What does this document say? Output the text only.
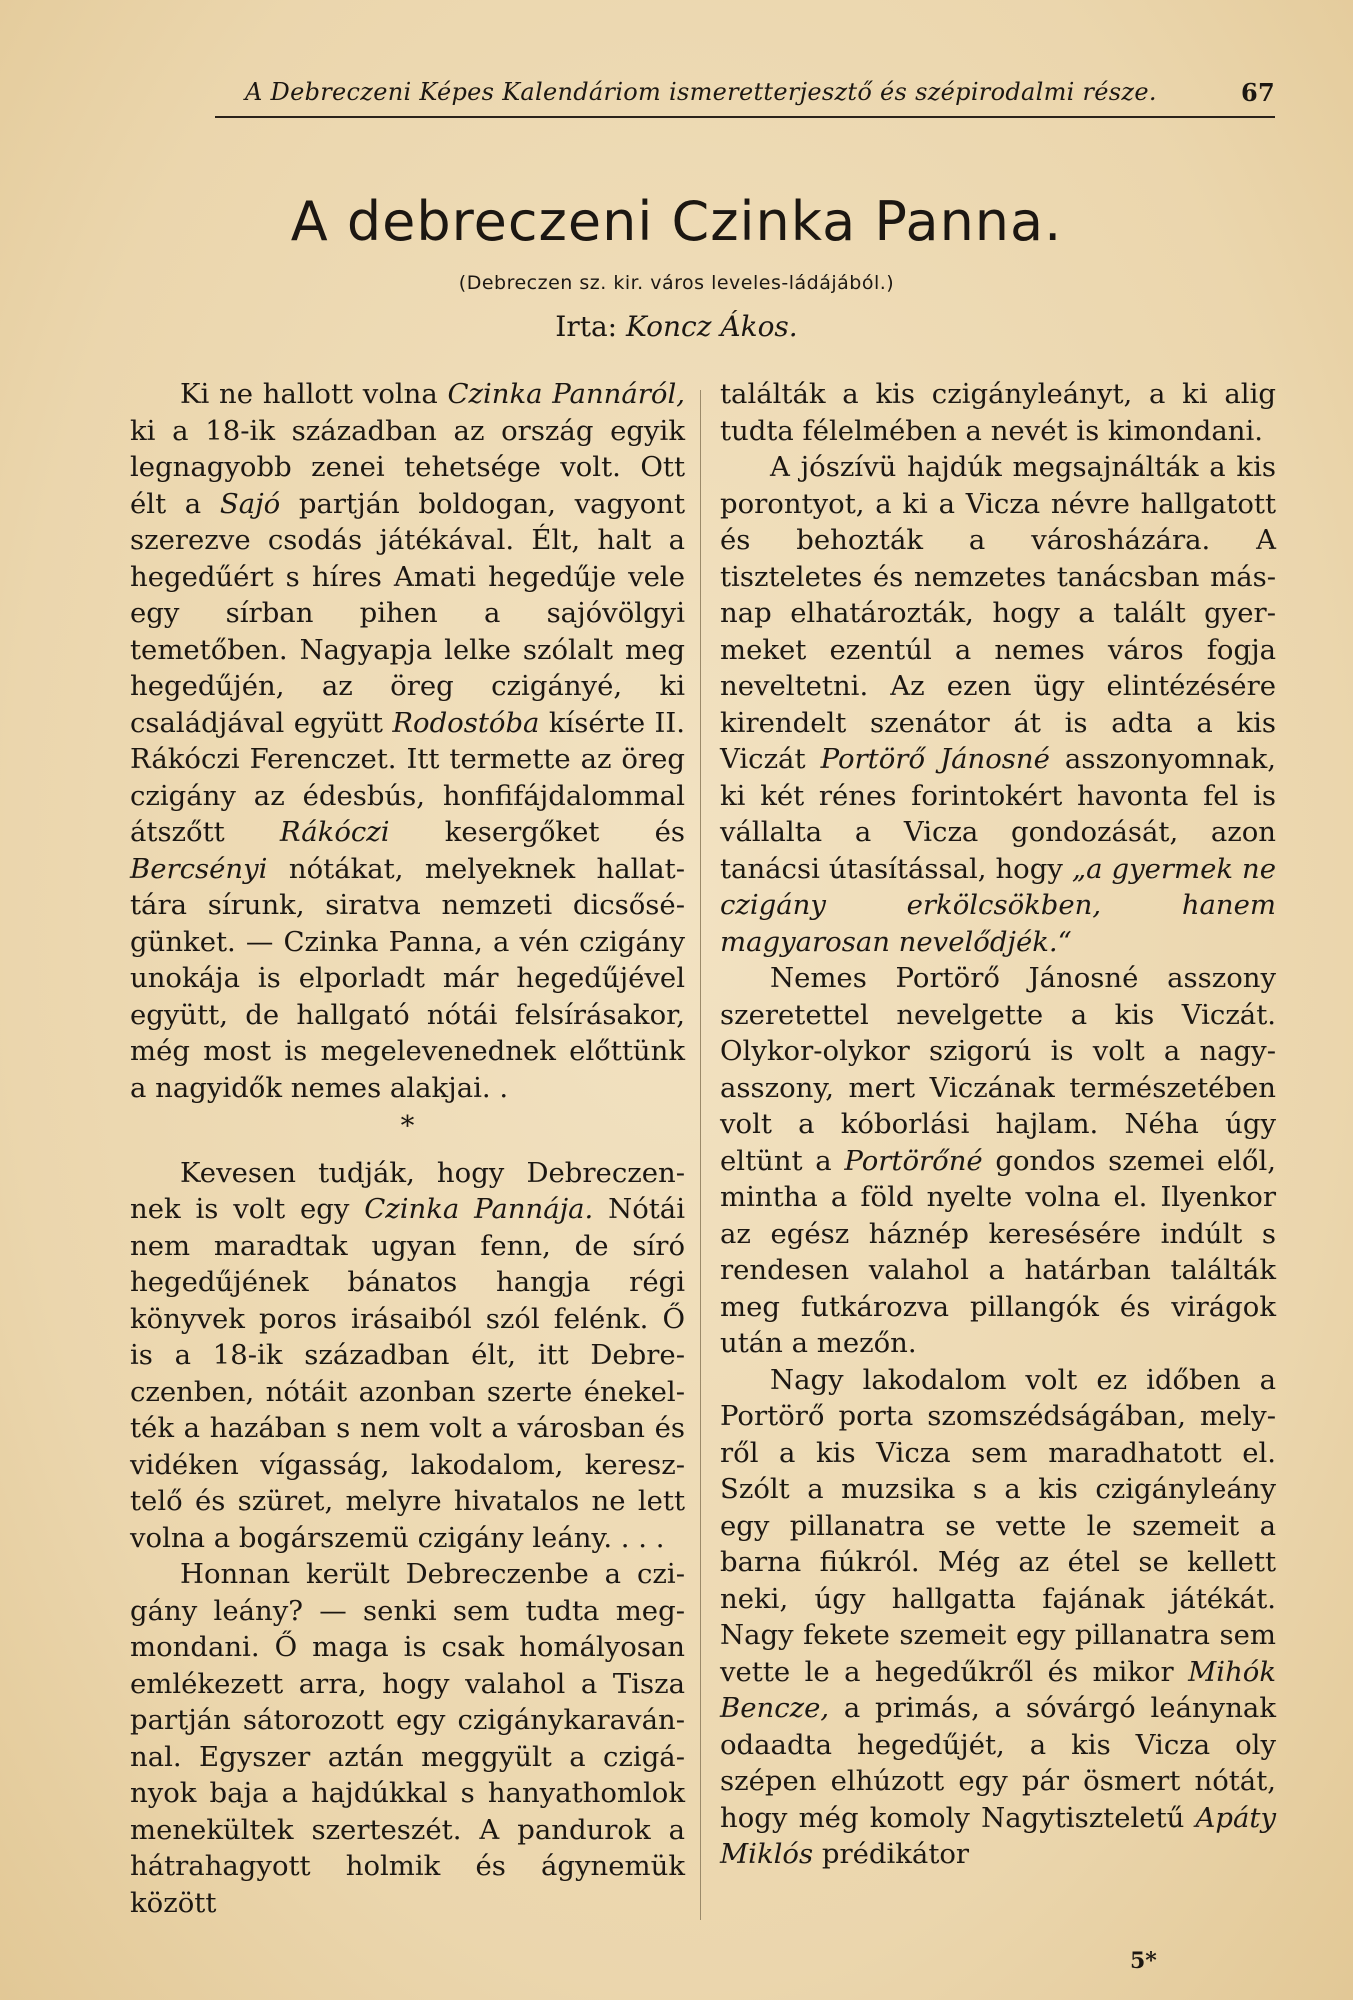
A Debreczeni Képes Kalendáriom ismeretterjesztő és szépirodalmi része.	67
A debreczeni Czinka Panna.
(Debreczen sz. kir. város leveles-ládájából.)
Irta: Koncz Ákos.

Ki ne hallott volna Czinka Pannáról, ki a 18-ik században az ország egyik legnagyobb zenei tehetsége volt. Ott élt a Sajó partján boldogan, vagyont szerezve csodás játékával. Élt, halt a hegedűért s híres Amati hegedűje vele egy sírban pihen a sajóvölgyi temetőben. Nagyapja lelke szólalt meg hegedűjén, az öreg czigányé, ki családjával együtt Rodostóba kísérte II. Rákóczi Ferenczet. Itt termette az öreg czigány az édesbús, honfifájdalommal átszőtt Rákóczi kesergőket és Bercsényi nótákat, melyeknek hallattára sírunk, siratva nemzeti dicsőségünket. — Czinka Panna, a vén czigány unokája is elporladt már hegedűjével együtt, de hallgató nótái felsírásakor, még most is megelevenednek előttünk a nagyidők nemes alakjai. .

*

Kevesen tudják, hogy Debreczennek is volt egy Czinka Pannája. Nótái nem maradtak ugyan fenn, de síró hegedűjének bánatos hangja régi könyvek poros irásaiból szól felénk. Ő is a 18-ik században élt, itt Debreczenben, nótáit azonban szerte énekelték a hazában s nem volt a városban és vidéken vígasság, lakodalom, keresztelő és szüret, melyre hivatalos ne lett volna a bogárszemü czigány leány. . . .

Honnan került Debreczenbe a czigány leány? — senki sem tudta megmondani. Ő maga is csak homályosan emlékezett arra, hogy valahol a Tisza partján sátorozott egy czigánykaravánnal. Egyszer aztán meggyült a czigányok baja a hajdúkkal s hanyathomlok menekültek szerteszét. A pandurok a hátrahagyott holmik és ágynemük között

találták a kis czigányleányt, a ki alig tudta félelmében a nevét is kimondani.

A jószívü hajdúk megsajnálták a kis porontyot, a ki a Vicza névre hallgatott és behozták a városházára. A tiszteletes és nemzetes tanácsban másnap elhatározták, hogy a talált gyermeket ezentúl a nemes város fogja neveltetni. Az ezen ügy elintézésére kirendelt szenátor át is adta a kis Viczát Portörő Jánosné asszonyomnak, ki két rénes forintokért havonta fel is vállalta a Vicza gondozását, azon tanácsi útasítással, hogy „a gyermek ne czigány erkölcsökben, hanem magyarosan nevelődjék.“

Nemes Portörő Jánosné asszony szeretettel nevelgette a kis Viczát. Olykor-olykor szigorú is volt a nagyasszony, mert Viczának természetében volt a kóborlási hajlam. Néha úgy eltünt a Portörőné gondos szemei elől, mintha a föld nyelte volna el. Ilyenkor az egész háznép keresésére indúlt s rendesen valahol a határban találták meg futkározva pillangók és virágok után a mezőn.

Nagy lakodalom volt ez időben a Portörő porta szomszédságában, melyről a kis Vicza sem maradhatott el. Szólt a muzsika s a kis czigányleány egy pillanatra se vette le szemeit a barna fiúkról. Még az étel se kellett neki, úgy hallgatta fajának játékát. Nagy fekete szemeit egy pillanatra sem vette le a hegedűkről és mikor Mihók Bencze, a primás, a sóvárgó leánynak odaadta hegedűjét, a kis Vicza oly szépen elhúzott egy pár ösmert nótát, hogy még komoly Nagytiszteletű Apáty Miklós prédikátor

5*
